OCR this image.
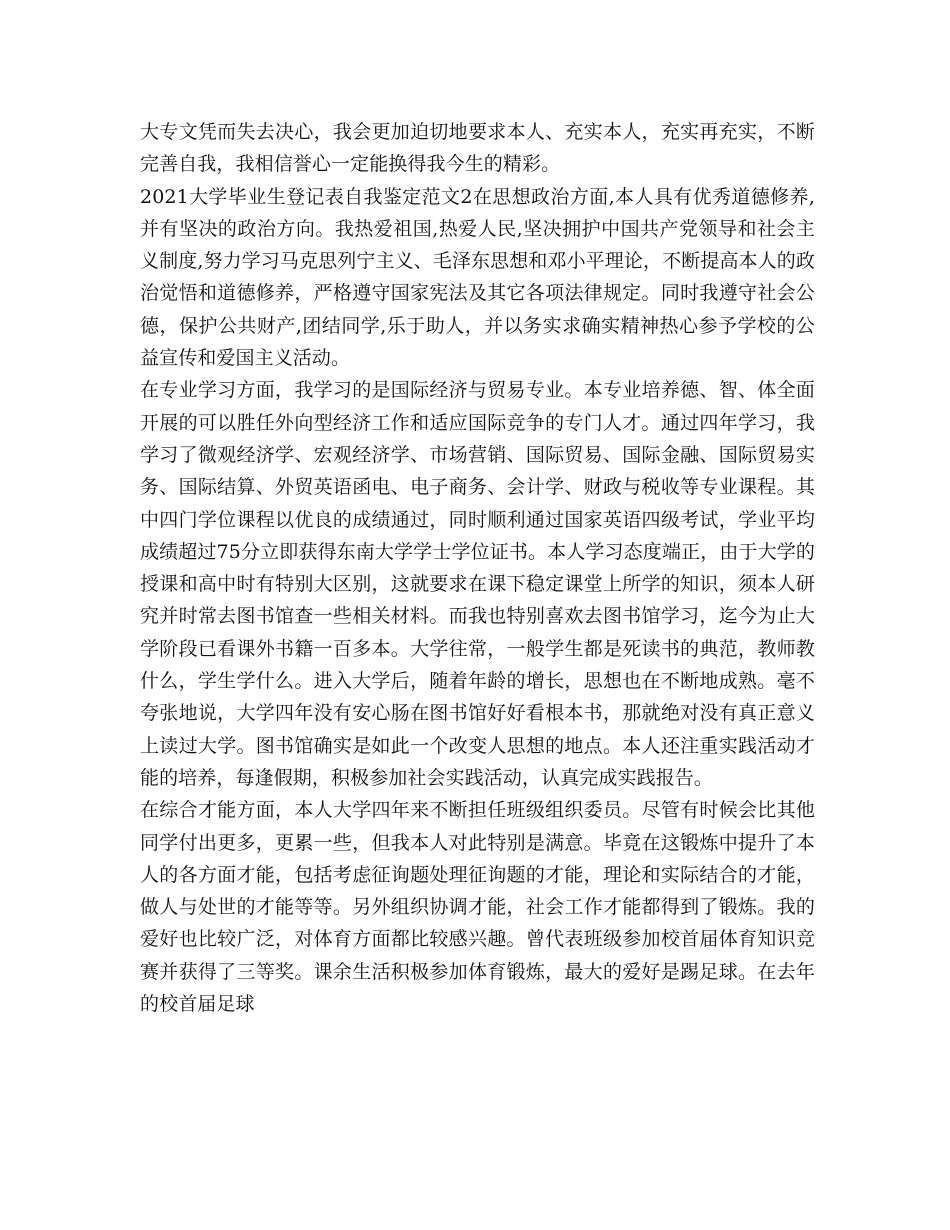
大专文凭而失去决心，我会更加迫切地要求本人、充实本人，充实再充实，不断完善自我，我相信誉心一定能换得我今生的精彩。

2021大学毕业生登记表自我鉴定范文2在思想政治方面,本人具有优秀道德修养,并有坚决的政治方向。我热爱祖国,热爱人民,坚决拥护中国共产党领导和社会主义制度,努力学习马克思列宁主义、毛泽东思想和邓小平理论，不断提高本人的政治觉悟和道德修养，严格遵守国家宪法及其它各项法律规定。同时我遵守社会公德，保护公共财产,团结同学,乐于助人，并以务实求确实精神热心参予学校的公益宣传和爱国主义活动。

在专业学习方面，我学习的是国际经济与贸易专业。本专业培养德、智、体全面开展的可以胜任外向型经济工作和适应国际竞争的专门人才。通过四年学习，我学习了微观经济学、宏观经济学、市场营销、国际贸易、国际金融、国际贸易实务、国际结算、外贸英语函电、电子商务、会计学、财政与税收等专业课程。其中四门学位课程以优良的成绩通过，同时顺利通过国家英语四级考试，学业平均成绩超过75分立即获得东南大学学士学位证书。本人学习态度端正，由于大学的授课和高中时有特别大区别，这就要求在课下稳定课堂上所学的知识，须本人研究并时常去图书馆查一些相关材料。而我也特别喜欢去图书馆学习，迄今为止大学阶段已看课外书籍一百多本。大学往常，一般学生都是死读书的典范，教师教什么，学生学什么。进入大学后，随着年龄的增长，思想也在不断地成熟。毫不夸张地说，大学四年没有安心肠在图书馆好好看根本书，那就绝对没有真正意义上读过大学。图书馆确实是如此一个改变人思想的地点。本人还注重实践活动才能的培养，每逢假期，积极参加社会实践活动，认真完成实践报告。

在综合才能方面，本人大学四年来不断担任班级组织委员。尽管有时候会比其他同学付出更多，更累一些，但我本人对此特别是满意。毕竟在这锻炼中提升了本人的各方面才能，包括考虑征询题处理征询题的才能，理论和实际结合的才能，做人与处世的才能等等。另外组织协调才能，社会工作才能都得到了锻炼。我的爱好也比较广泛，对体育方面都比较感兴趣。曾代表班级参加校首届体育知识竞赛并获得了三等奖。课余生活积极参加体育锻炼，最大的爱好是踢足球。在去年的校首届足球
